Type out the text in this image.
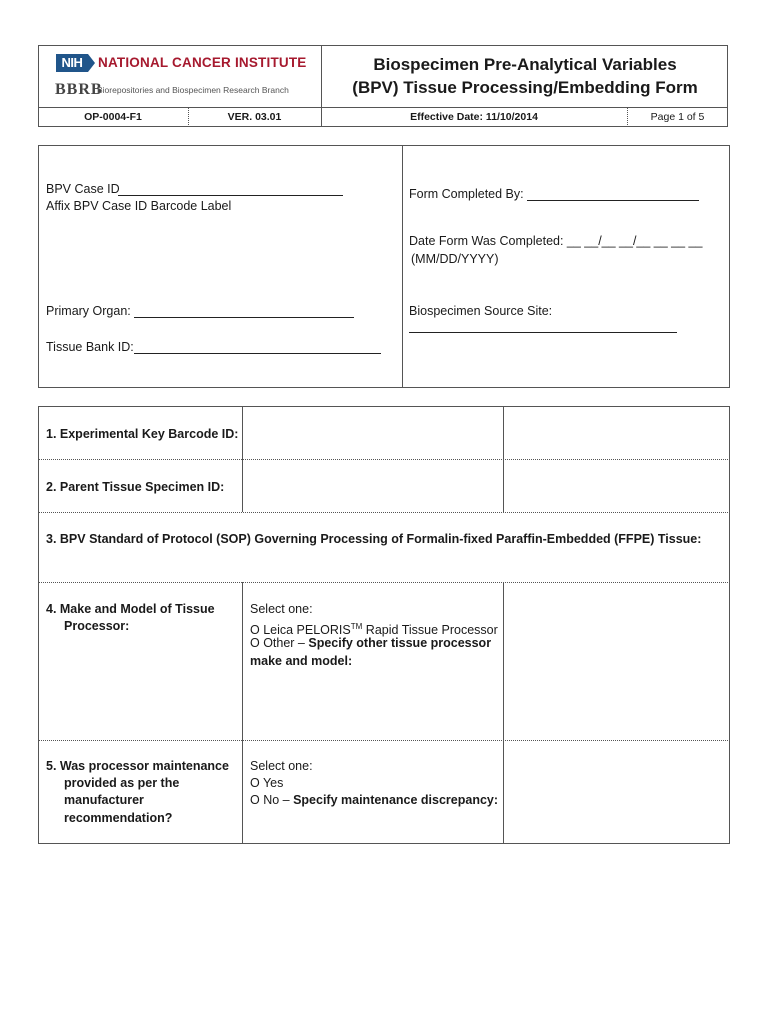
NIH	NATIONAL CANCER INSTITUTE
BBRB
Biorepositories and Biospecimen Research Branch
Biospecimen Pre-Analytical Variables
(BPV) Tissue Processing/Embedding Form
OP-0004-F1	VER. 03.01	Effective Date: 11/10/2014	Page 1 of 5
BPV Case ID
Affix BPV Case ID Barcode Label
Primary Organ:
Tissue Bank ID:
Form Completed By:
Date Form Was Completed: __ __/__ __/__ __ __ __
(MM/DD/YYYY)
Biospecimen Source Site:
1. Experimental Key Barcode ID:
2. Parent Tissue Specimen ID:
3. BPV Standard of Protocol (SOP) Governing Processing of Formalin-fixed Paraffin-Embedded (FFPE) Tissue:
4. Make and Model of Tissue
Processor:
Select one:
O Leica PELORIS™ Rapid Tissue Processor
O Other – Specify other tissue processor
make and model:
5. Was processor maintenance
provided as per the
manufacturer
recommendation?
Select one:
O Yes
O No – Specify maintenance discrepancy:
